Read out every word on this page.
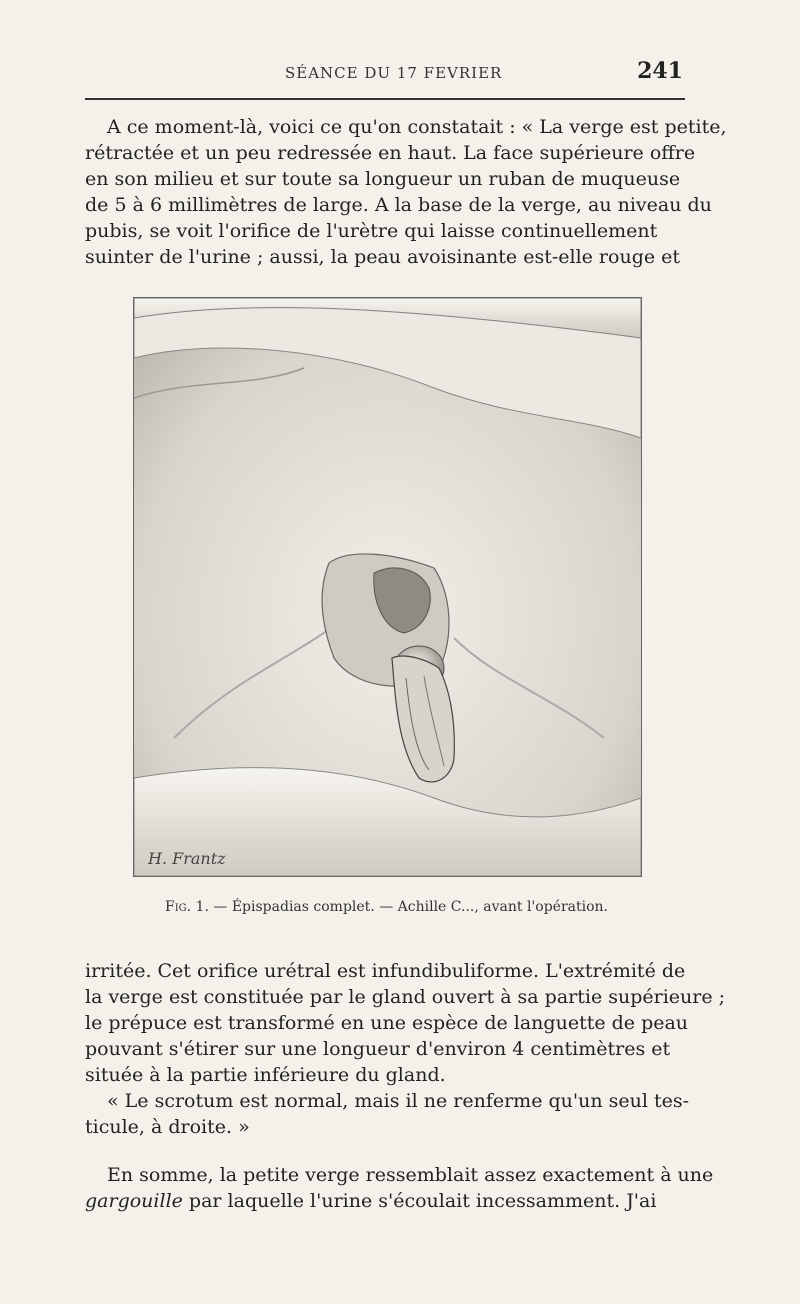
SÉANCE DU 17 FEVRIER	241
A ce moment-là, voici ce qu'on constatait : « La verge est petite,
rétractée et un peu redressée en haut. La face supérieure offre
en son milieu et sur toute sa longueur un ruban de muqueuse
de 5 à 6 millimètres de large. A la base de la verge, au niveau du
pubis, se voit l'orifice de l'urètre qui laisse continuellement
suinter de l'urine ; aussi, la peau avoisinante est-elle rouge et
H. Frantz
Fig. 1. — Épispadias complet. — Achille C..., avant l'opération.
irritée. Cet orifice urétral est infundibuliforme. L'extrémité de
la verge est constituée par le gland ouvert à sa partie supérieure ;
le prépuce est transformé en une espèce de languette de peau
pouvant s'étirer sur une longueur d'environ 4 centimètres et
située à la partie inférieure du gland.
« Le scrotum est normal, mais il ne renferme qu'un seul tes-
ticule, à droite. »
En somme, la petite verge ressemblait assez exactement à une
gargouille par laquelle l'urine s'écoulait incessamment. J'ai
